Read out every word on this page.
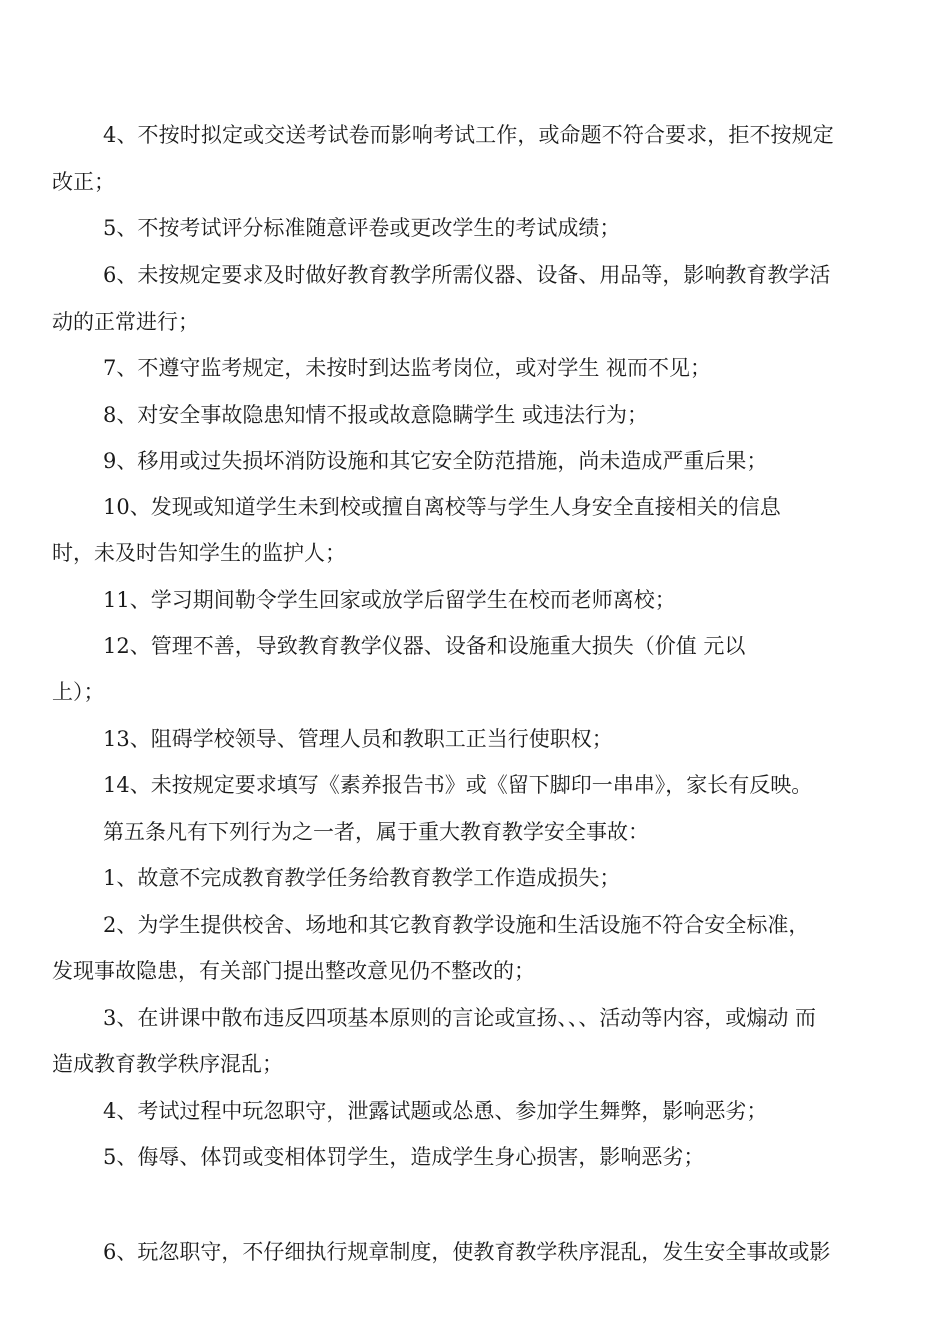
4、不按时拟定或交送考试卷而影响考试工作，或命题不符合要求，拒不按规定
改正；
5、不按考试评分标准随意评卷或更改学生的考试成绩；
6、未按规定要求及时做好教育教学所需仪器、设备、用品等，影响教育教学活
动的正常进行；
7、不遵守监考规定，未按时到达监考岗位，或对学生 视而不见；
8、对安全事故隐患知情不报或故意隐瞒学生 或违法行为；
9、移用或过失损坏消防设施和其它安全防范措施，尚未造成严重后果；
10、发现或知道学生未到校或擅自离校等与学生人身安全直接相关的信息
时，未及时告知学生的监护人；
11、学习期间勒令学生回家或放学后留学生在校而老师离校；
12、管理不善，导致教育教学仪器、设备和设施重大损失（价值 元以
上）；
13、阻碍学校领导、管理人员和教职工正当行使职权；
14、未按规定要求填写《素养报告书》或《留下脚印一串串》，家长有反映。
第五条凡有下列行为之一者，属于重大教育教学安全事故：
1、故意不完成教育教学任务给教育教学工作造成损失；
2、为学生提供校舍、场地和其它教育教学设施和生活设施不符合安全标准，
发现事故隐患，有关部门提出整改意见仍不整改的；
3、在讲课中散布违反四项基本原则的言论或宣扬、、、活动等内容，或煽动 而
造成教育教学秩序混乱；
4、考试过程中玩忽职守，泄露试题或怂恿、参加学生舞弊，影响恶劣；
5、侮辱、体罚或变相体罚学生，造成学生身心损害，影响恶劣；
6、玩忽职守，不仔细执行规章制度，使教育教学秩序混乱，发生安全事故或影
